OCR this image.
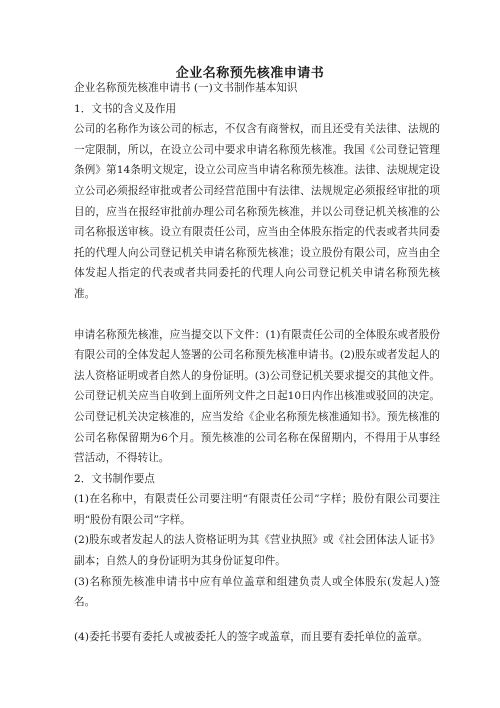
企业名称预先核准申请书

企业名称预先核准申请书 (一)文书制作基本知识

1．文书的含义及作用

公司的名称作为该公司的标志，不仅含有商誉权，而且还受有关法律、法规的一定限制，所以，在设立公司中要求申请名称预先核准。我国《公司登记管理条例》第14条明文规定，设立公司应当申请名称预先核准。法律、法规规定设立公司必须报经审批或者公司经营范围中有法律、法规规定必须报经审批的项目的，应当在报经审批前办理公司名称预先核准，并以公司登记机关核准的公司名称报送审核。设立有限责任公司，应当由全体股东指定的代表或者共同委托的代理人向公司登记机关申请名称预先核准；设立股份有限公司，应当由全体发起人指定的代表或者共同委托的代理人向公司登记机关申请名称预先核准。

申请名称预先核准，应当提交以下文件：(1)有限责任公司的全体股东或者股份有限公司的全体发起人签署的公司名称预先核准申请书。(2)股东或者发起人的法人资格证明或者自然人的身份证明。(3)公司登记机关要求提交的其他文件。公司登记机关应当自收到上面所列文件之日起10日内作出核准或驳回的决定。公司登记机关决定核准的，应当发给《企业名称预先核准通知书》。预先核准的公司名称保留期为6个月。预先核准的公司名称在保留期内，不得用于从事经营活动，不得转让。

2．文书制作要点

(1)在名称中，有限责任公司要注明“有限责任公司”字样；股份有限公司要注明“股份有限公司”字样。

(2)股东或者发起人的法人资格证明为其《营业执照》或《社会团体法人证书》副本；自然人的身份证明为其身份证复印件。

(3)名称预先核准申请书中应有单位盖章和组建负责人或全体股东(发起人)签名。

(4)委托书要有委托人或被委托人的签字或盖章，而且要有委托单位的盖章。
